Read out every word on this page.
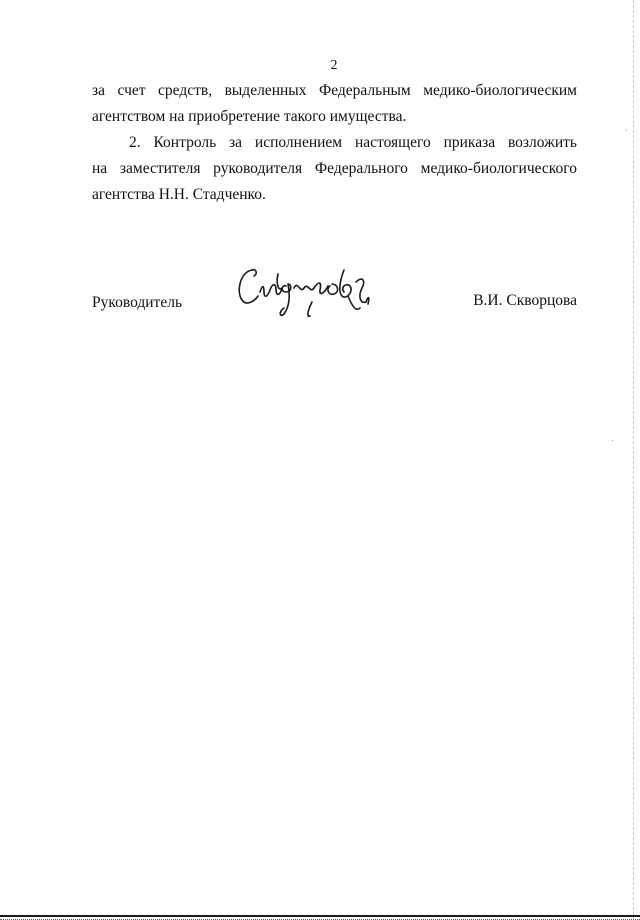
2
за счет средств, выделенных Федеральным медико-биологическим
агентством на приобретение такого имущества.
2. Контроль за исполнением настоящего приказа возложить
на заместителя руководителя Федерального медико-биологического
агентства Н.Н. Стадченко.
Руководитель	В.И. Скворцова
